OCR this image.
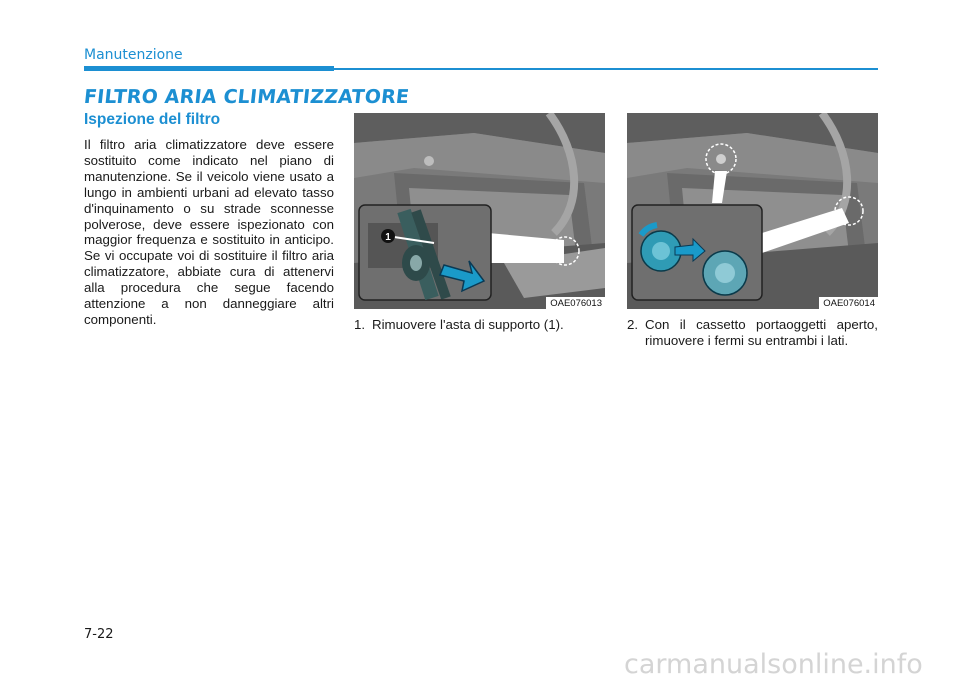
Manutenzione
FILTRO ARIA CLIMATIZZATORE
Ispezione del filtro
Il filtro aria climatizzatore deve essere sostituito come indicato nel piano di manutenzione. Se il veicolo viene usato a lungo in ambienti urbani ad elevato tasso d'inquinamento o su strade sconnesse polverose, deve essere ispezionato con maggior frequenza e sostituito in anticipo. Se vi occupate voi di sostituire il filtro aria climatizzatore, abbiate cura di attenervi alla procedura che segue facendo attenzione a non danneggiare altri componenti.
1
OAE076013	OAE076014
1. Rimuovere l'asta di supporto (1).	2. Con il cassetto portaoggetti aperto, rimuovere i fermi su entrambi i lati.
7-22
carmanualsonline.info
